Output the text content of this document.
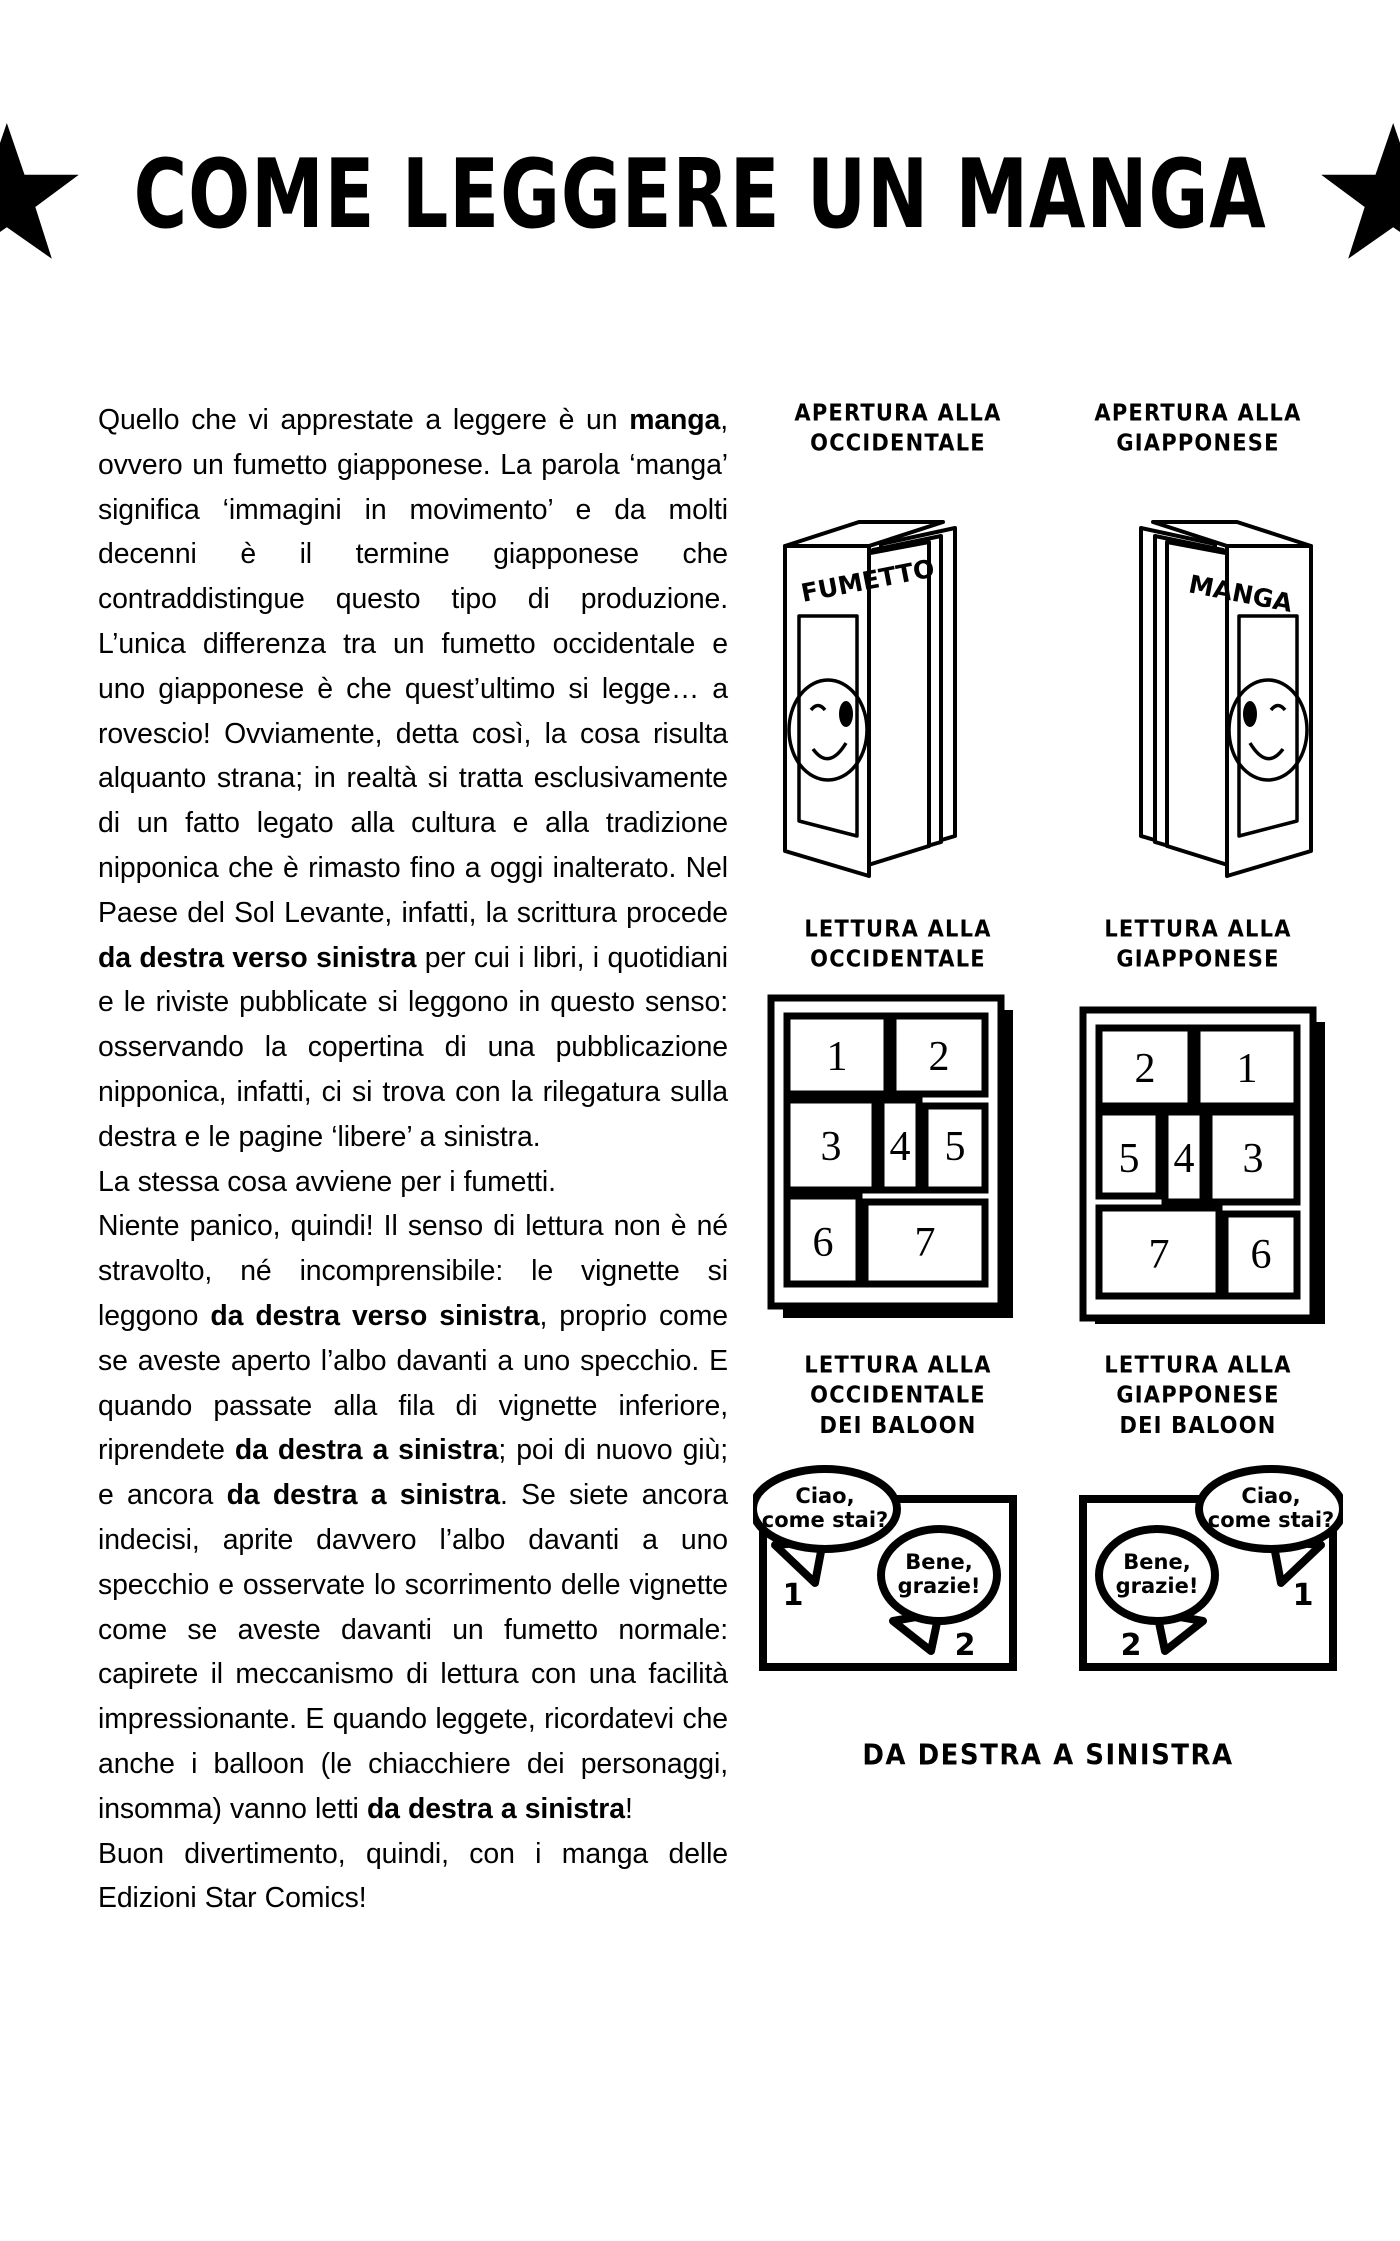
COME LEGGERE UN MANGA
Quello che vi apprestate a leggere è un manga, ovvero un fumetto giapponese. La parola ‘manga’ significa ‘immagini in movimento’ e da molti decenni è il termine giapponese che contraddistingue questo tipo di produzione. L’unica differenza tra un fumetto occidentale e uno giapponese è che quest’ultimo si legge… a rovescio! Ovviamente, detta così, la cosa risulta alquanto strana; in realtà si tratta esclusivamente di un fatto legato alla cultura e alla tradizione nipponica che è rimasto fino a oggi inalterato. Nel Paese del Sol Levante, infatti, la scrittura procede da destra verso sinistra per cui i libri, i quotidiani e le riviste pubblicate si leggono in questo senso: osservando la copertina di una pubblicazione nipponica, infatti, ci si trova con la rilegatura sulla destra e le pagine ‘libere’ a sinistra.
La stessa cosa avviene per i fumetti.
Niente panico, quindi! Il senso di lettura non è né stravolto, né incomprensibile: le vignette si leggono da destra verso sinistra, proprio come se aveste aperto l’albo davanti a uno specchio. E quando passate alla fila di vignette inferiore, riprendete da destra a sinistra; poi di nuovo giù; e ancora da destra a sinistra. Se siete ancora indecisi, aprite davvero l’albo davanti a uno specchio e osservate lo scorrimento delle vignette come se aveste davanti un fumetto normale: capirete il meccanismo di lettura con una facilità impressionante. E quando leggete, ricordatevi che anche i balloon (le chiacchiere dei personaggi, insomma) vanno letti da destra a sinistra!
Buon divertimento, quindi, con i manga delle Edizioni Star Comics!
APERTURA ALLA
OCCIDENTALE
APERTURA ALLA
GIAPPONESE
FUMETTO	MANGA
LETTURA ALLA
OCCIDENTALE
LETTURA ALLA
GIAPPONESE
1 2
3 4 5
6 7
2 1
5 4 3
7 6
LETTURA ALLA
OCCIDENTALE
DEI BALOON
LETTURA ALLA
GIAPPONESE
DEI BALOON
Ciao,
come stai?
1
Bene,
grazie!
2
Ciao,
come stai?
1
Bene,
grazie!
2
DA DESTRA A SINISTRA
